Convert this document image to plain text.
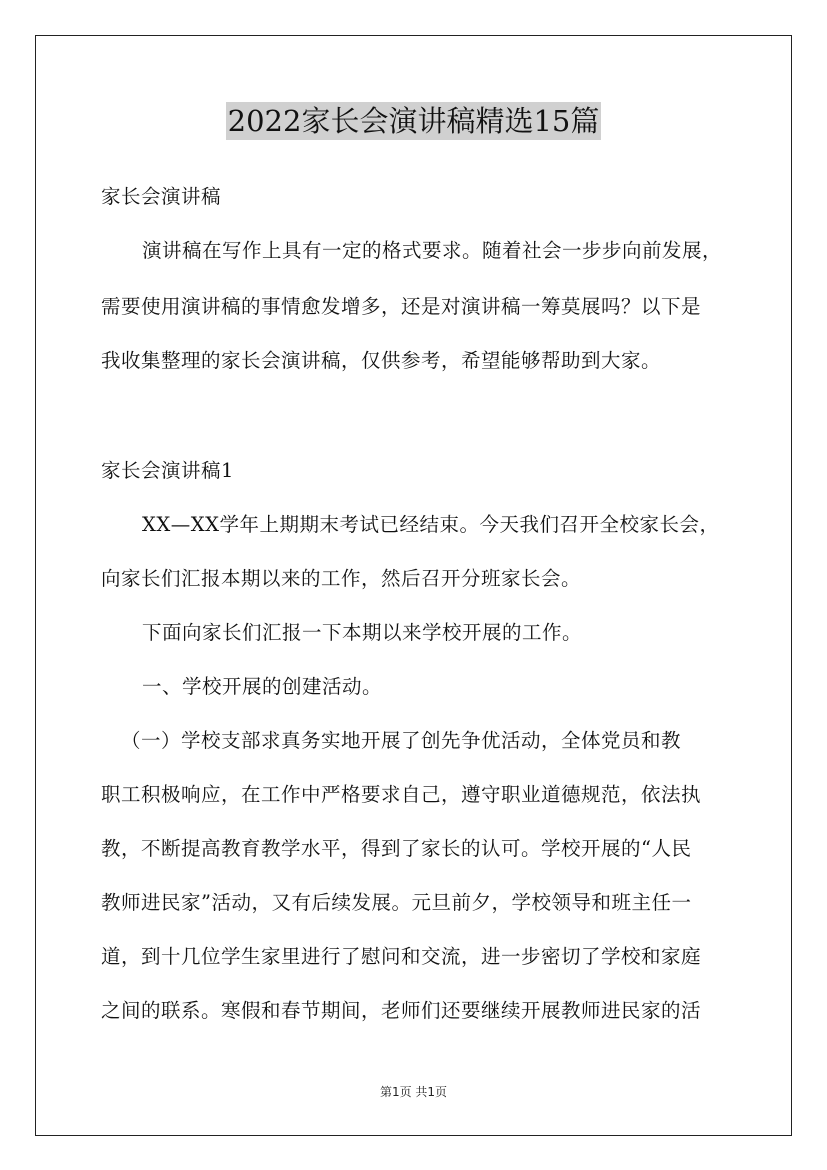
2022家长会演讲稿精选15篇
家长会演讲稿
演讲稿在写作上具有一定的格式要求。随着社会一步步向前发展，
需要使用演讲稿的事情愈发增多，还是对演讲稿一筹莫展吗？以下是
我收集整理的家长会演讲稿，仅供参考，希望能够帮助到大家。
家长会演讲稿1
XX—XX学年上期期末考试已经结束。今天我们召开全校家长会，
向家长们汇报本期以来的工作，然后召开分班家长会。
下面向家长们汇报一下本期以来学校开展的工作。
一、学校开展的创建活动。
（一）学校支部求真务实地开展了创先争优活动，全体党员和教
职工积极响应，在工作中严格要求自己，遵守职业道德规范，依法执
教，不断提高教育教学水平，得到了家长的认可。学校开展的“人民
教师进民家”活动，又有后续发展。元旦前夕，学校领导和班主任一
道，到十几位学生家里进行了慰问和交流，进一步密切了学校和家庭
之间的联系。寒假和春节期间，老师们还要继续开展教师进民家的活
第1页 共1页
